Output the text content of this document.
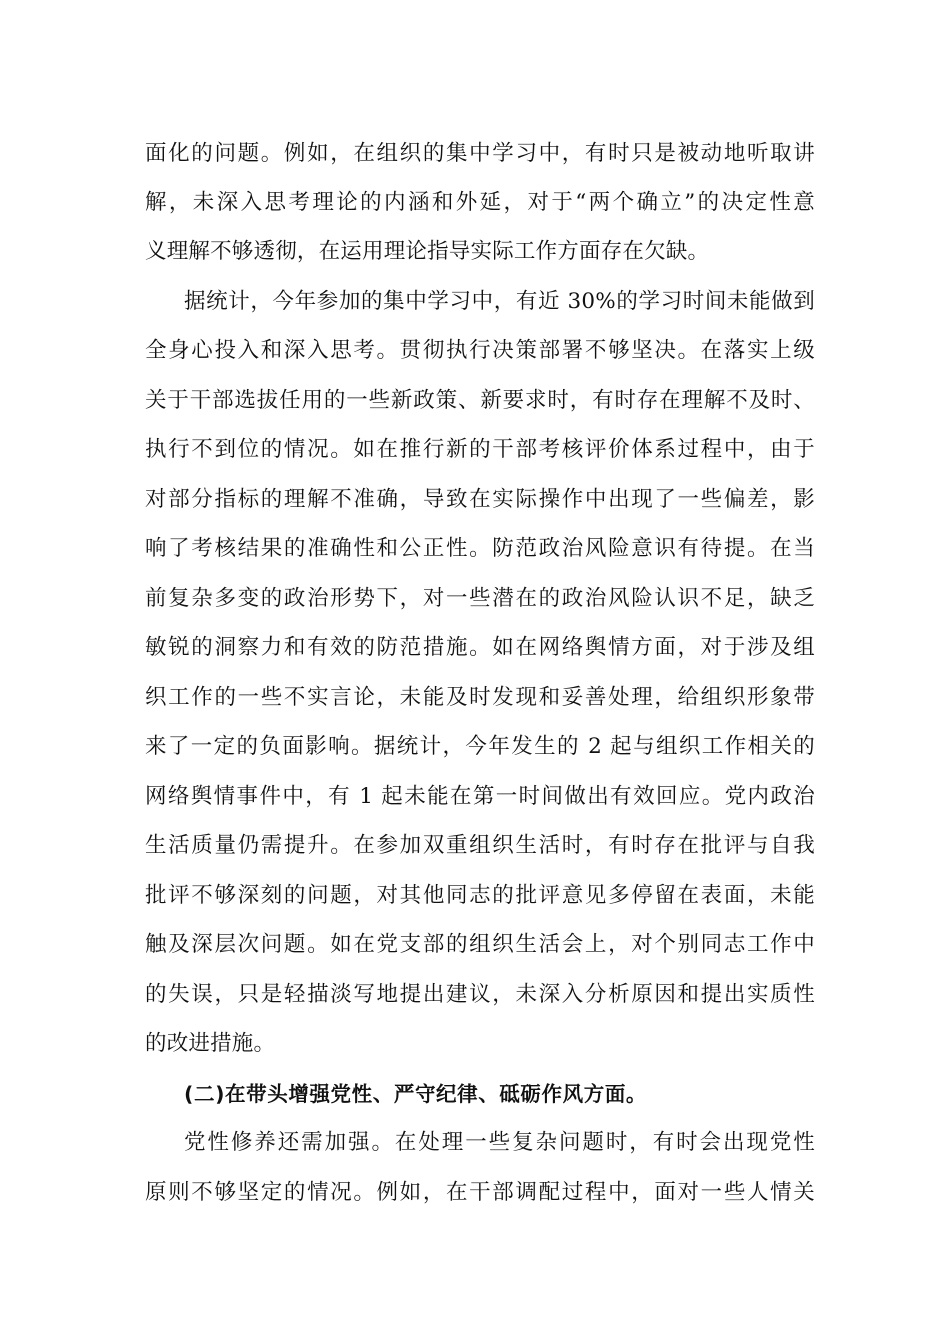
面化的问题。例如，在组织的集中学习中，有时只是被动地听取讲
解，未深入思考理论的内涵和外延，对于“两个确立”的决定性意
义理解不够透彻，在运用理论指导实际工作方面存在欠缺。
据统计，今年参加的集中学习中，有近 30%的学习时间未能做到
全身心投入和深入思考。贯彻执行决策部署不够坚决。在落实上级
关于干部选拔任用的一些新政策、新要求时，有时存在理解不及时、
执行不到位的情况。如在推行新的干部考核评价体系过程中，由于
对部分指标的理解不准确，导致在实际操作中出现了一些偏差，影
响了考核结果的准确性和公正性。防范政治风险意识有待提。在当
前复杂多变的政治形势下，对一些潜在的政治风险认识不足，缺乏
敏锐的洞察力和有效的防范措施。如在网络舆情方面，对于涉及组
织工作的一些不实言论，未能及时发现和妥善处理，给组织形象带
来了一定的负面影响。据统计，今年发生的 2 起与组织工作相关的
网络舆情事件中，有 1 起未能在第一时间做出有效回应。党内政治
生活质量仍需提升。在参加双重组织生活时，有时存在批评与自我
批评不够深刻的问题，对其他同志的批评意见多停留在表面，未能
触及深层次问题。如在党支部的组织生活会上，对个别同志工作中
的失误，只是轻描淡写地提出建议，未深入分析原因和提出实质性
的改进措施。
(二)在带头增强党性、严守纪律、砥砺作风方面。
党性修养还需加强。在处理一些复杂问题时，有时会出现党性
原则不够坚定的情况。例如，在干部调配过程中，面对一些人情关
